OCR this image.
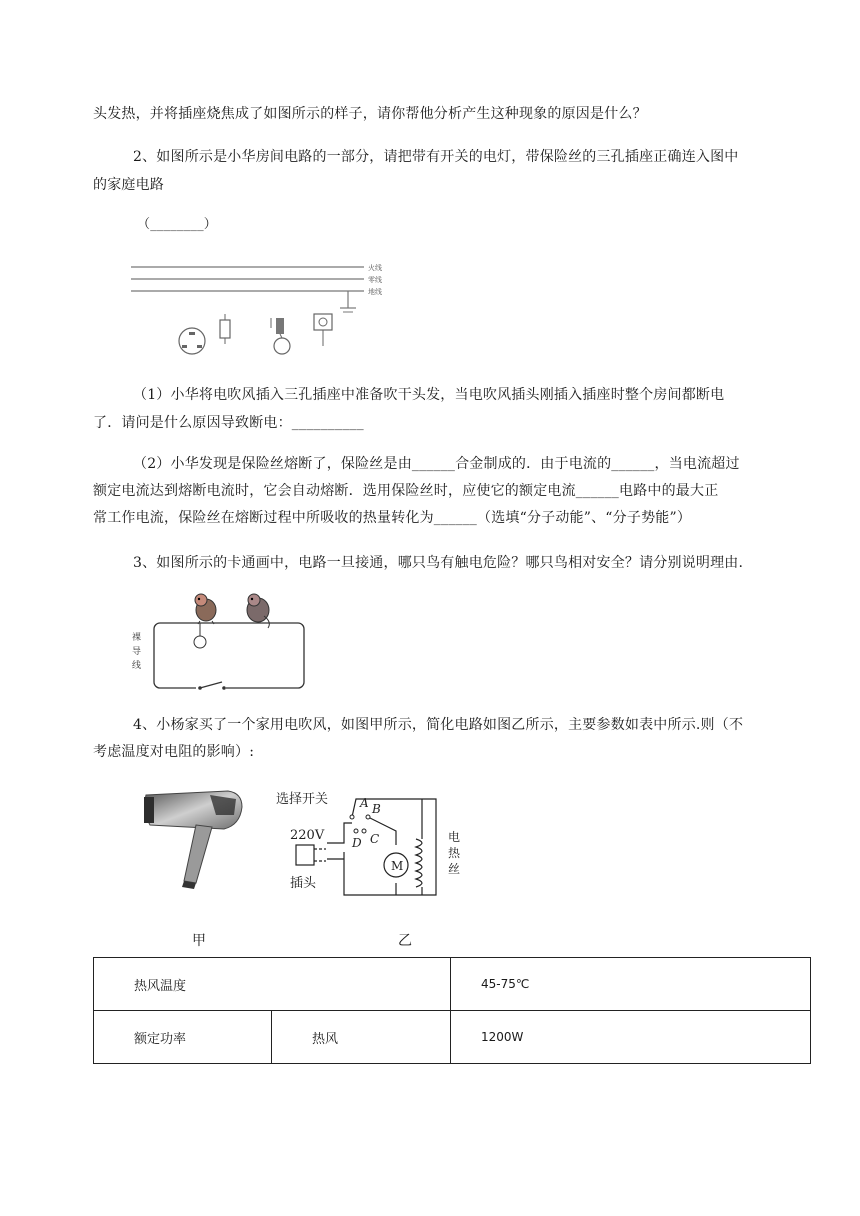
头发热，并将插座烧焦成了如图所示的样子，请你帮他分析产生这种现象的原因是什么？
2、如图所示是小华房间电路的一部分，请把带有开关的电灯，带保险丝的三孔插座正确连入图中
的家庭电路
（________）
火线
零线
地线
（1）小华将电吹风插入三孔插座中准备吹干头发，当电吹风插头刚插入插座时整个房间都断电
了．请问是什么原因导致断电：__________
（2）小华发现是保险丝熔断了，保险丝是由______合金制成的．由于电流的______，当电流超过
额定电流达到熔断电流时，它会自动熔断．选用保险丝时，应使它的额定电流______电路中的最大正
常工作电流，保险丝在熔断过程中所吸收的热量转化为______（选填“分子动能”、“分子势能”）
3、如图所示的卡通画中，电路一旦接通，哪只鸟有触电危险？哪只鸟相对安全？请分别说明理由.
裸
导
线
4、小杨家买了一个家用电吹风，如图甲所示，简化电路如图乙所示，主要参数如表中所示.则（不
考虑温度对电阻的影响）:
选择开关
220V
插头
M
电
热
丝
A B
C
D
甲	乙
热风温度		45-75℃

额定功率	热风	1200W
